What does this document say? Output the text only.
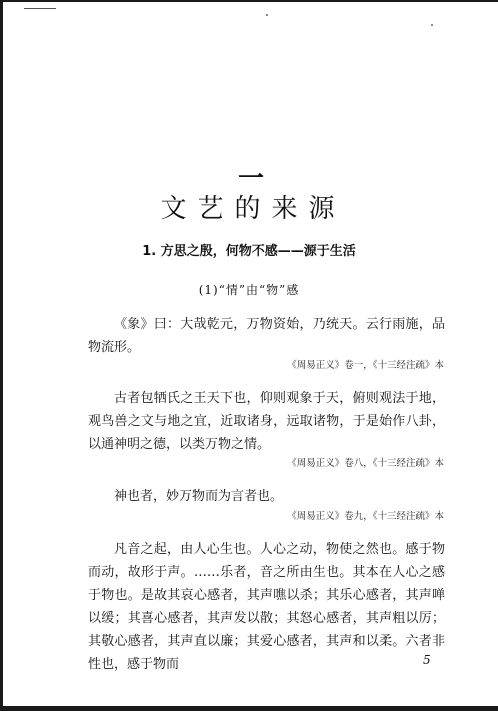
一
文艺的来源
1. 方思之殷，何物不感——源于生活
(1)“情”由“物”感

《象》曰：大哉乾元，万物资始，乃统天。云行雨施，品物流形。

《周易正义》卷一，《十三经注疏》本

古者包牺氏之王天下也，仰则观象于天，俯则观法于地，观鸟兽之文与地之宜，近取诸身，远取诸物，于是始作八卦，以通神明之德，以类万物之情。

《周易正义》卷八，《十三经注疏》本

神也者，妙万物而为言者也。

《周易正义》卷九，《十三经注疏》本

凡音之起，由人心生也。人心之动，物使之然也。感于物而动，故形于声。……乐者，音之所由生也。其本在人心之感于物也。是故其哀心感者，其声噍以杀；其乐心感者，其声啴以缓；其喜心感者，其声发以散；其怒心感者，其声粗以厉；其敬心感者，其声直以廉；其爱心感者，其声和以柔。六者非性也，感于物而	5
